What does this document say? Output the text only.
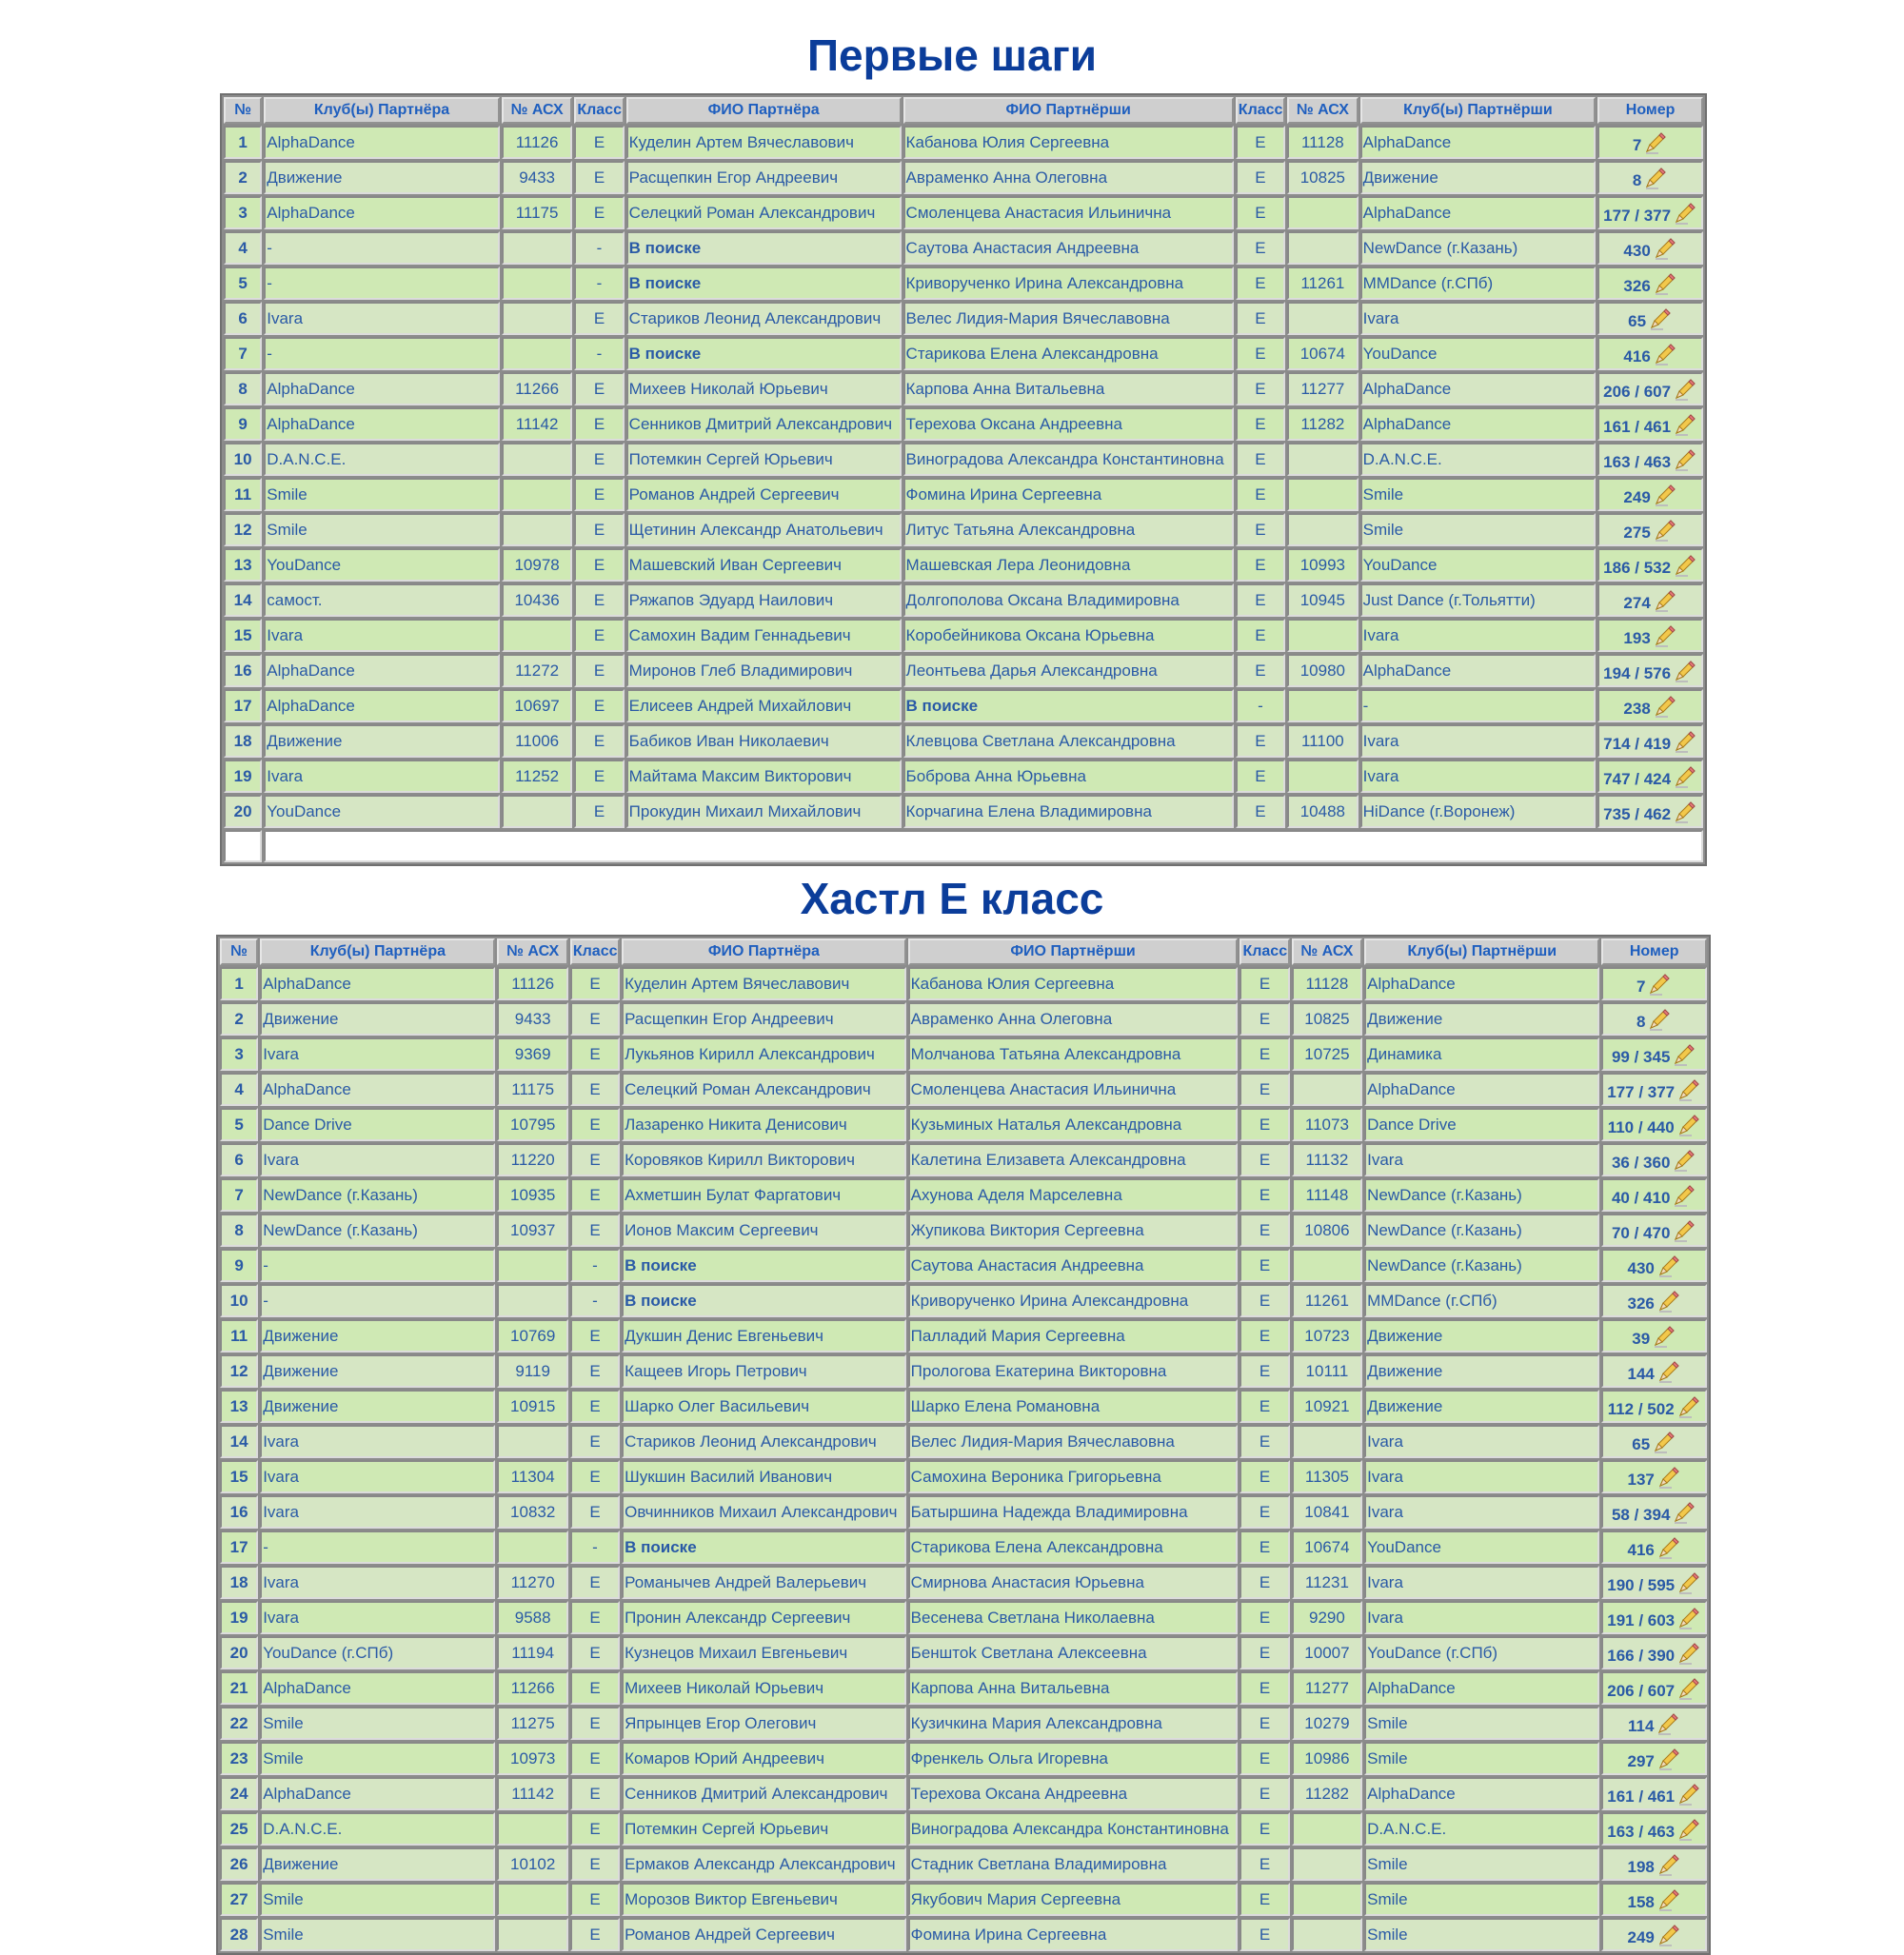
Первые шаги
№	Клуб(ы) Партнёра	№ АСХ	Класс	ФИО Партнёра	ФИО Партнёрши	Класс	№ АСХ	Клуб(ы) Партнёрши	Номер
1	AlphaDance	11126	E	Куделин Артем Вячеславович	Кабанова Юлия Сергеевна	E	11128	AlphaDance	7

2	Движение	9433	E	Расщепкин Егор Андреевич	Авраменко Анна Олеговна	E	10825	Движение	8

3	AlphaDance	11175	E	Селецкий Роман Александрович	Смоленцева Анастасия Ильинична	E		AlphaDance	177 / 377

4	-		-	В поиске	Саутова Анастасия Андреевна	E		NewDance (г.Казань)	430

5	-		-	В поиске	Криворученко Ирина Александровна	E	11261	MMDance (г.СПб)	326

6	Ivara		E	Стариков Леонид Александрович	Велес Лидия-Мария Вячеславовна	E		Ivara	65

7	-		-	В поиске	Старикова Елена Александровна	E	10674	YouDance	416

8	AlphaDance	11266	E	Михеев Николай Юрьевич	Карпова Анна Витальевна	E	11277	AlphaDance	206 / 607

9	AlphaDance	11142	E	Сенников Дмитрий Александрович	Терехова Оксана Андреевна	E	11282	AlphaDance	161 / 461

10	D.A.N.C.E.		E	Потемкин Сергей Юрьевич	Виноградова Александра Константиновна	E		D.A.N.C.E.	163 / 463

11	Smile		E	Романов Андрей Сергеевич	Фомина Ирина Сергеевна	E		Smile	249

12	Smile		E	Щетинин Александр Анатольевич	Литус Татьяна Александровна	E		Smile	275

13	YouDance	10978	E	Машевский Иван Сергеевич	Машевская Лера Леонидовна	E	10993	YouDance	186 / 532

14	самост.	10436	E	Ряжапов Эдуард Наилович	Долгополова Оксана Владимировна	E	10945	Just Dance (г.Тольятти)	274

15	Ivara		E	Самохин Вадим Геннадьевич	Коробейникова Оксана Юрьевна	E		Ivara	193

16	AlphaDance	11272	E	Миронов Глеб Владимирович	Леонтьева Дарья Александровна	E	10980	AlphaDance	194 / 576

17	AlphaDance	10697	E	Елисеев Андрей Михайлович	В поиске	-		-	238

18	Движение	11006	E	Бабиков Иван Николаевич	Клевцова Светлана Александровна	E	11100	Ivara	714 / 419

19	Ivara	11252	E	Майтама Максим Викторович	Боброва Анна Юрьевна	E		Ivara	747 / 424

20	YouDance		E	Прокудин Михаил Михайлович	Корчагина Елена Владимировна	E	10488	HiDance (г.Воронеж)	735 / 462

Хастл Е класс
№	Клуб(ы) Партнёра	№ АСХ	Класс	ФИО Партнёра	ФИО Партнёрши	Класс	№ АСХ	Клуб(ы) Партнёрши	Номер
1	AlphaDance	11126	E	Куделин Артем Вячеславович	Кабанова Юлия Сергеевна	E	11128	AlphaDance	7

2	Движение	9433	E	Расщепкин Егор Андреевич	Авраменко Анна Олеговна	E	10825	Движение	8

3	Ivara	9369	E	Лукьянов Кирилл Александрович	Молчанова Татьяна Александровна	E	10725	Динамика	99 / 345

4	AlphaDance	11175	E	Селецкий Роман Александрович	Смоленцева Анастасия Ильинична	E		AlphaDance	177 / 377

5	Dance Drive	10795	E	Лазаренко Никита Денисович	Кузьминых Наталья Александровна	E	11073	Dance Drive	110 / 440

6	Ivara	11220	E	Коровяков Кирилл Викторович	Калетина Елизавета Александровна	E	11132	Ivara	36 / 360

7	NewDance (г.Казань)	10935	E	Ахметшин Булат Фаргатович	Ахунова Аделя Марселевна	E	11148	NewDance (г.Казань)	40 / 410

8	NewDance (г.Казань)	10937	E	Ионов Максим Сергеевич	Жупикова Виктория Сергеевна	E	10806	NewDance (г.Казань)	70 / 470

9	-		-	В поиске	Саутова Анастасия Андреевна	E		NewDance (г.Казань)	430

10	-		-	В поиске	Криворученко Ирина Александровна	E	11261	MMDance (г.СПб)	326

11	Движение	10769	E	Дукшин Денис Евгеньевич	Палладий Мария Сергеевна	E	10723	Движение	39

12	Движение	9119	E	Кащеев Игорь Петрович	Прологова Екатерина Викторовна	E	10111	Движение	144

13	Движение	10915	E	Шарко Олег Васильевич	Шарко Елена Романовна	E	10921	Движение	112 / 502

14	Ivara		E	Стариков Леонид Александрович	Велес Лидия-Мария Вячеславовна	E		Ivara	65

15	Ivara	11304	E	Шукшин Василий Иванович	Самохина Вероника Григорьевна	E	11305	Ivara	137

16	Ivara	10832	E	Овчинников Михаил Александрович	Батыршина Надежда Владимировна	E	10841	Ivara	58 / 394

17	-		-	В поиске	Старикова Елена Александровна	E	10674	YouDance	416

18	Ivara	11270	E	Романычев Андрей Валерьевич	Смирнова Анастасия Юрьевна	E	11231	Ivara	190 / 595

19	Ivara	9588	E	Пронин Александр Сергеевич	Весенева Светлана Николаевна	E	9290	Ivara	191 / 603

20	YouDance (г.СПб)	11194	E	Кузнецов Михаил Евгеньевич	Бенштоk Светлана Алексеевна	E	10007	YouDance (г.СПб)	166 / 390

21	AlphaDance	11266	E	Михеев Николай Юрьевич	Карпова Анна Витальевна	E	11277	AlphaDance	206 / 607

22	Smile	11275	E	Япрынцев Егор Олегович	Кузичкина Мария Александровна	E	10279	Smile	114

23	Smile	10973	E	Комаров Юрий Андреевич	Френкель Ольга Игоревна	E	10986	Smile	297

24	AlphaDance	11142	E	Сенников Дмитрий Александрович	Терехова Оксана Андреевна	E	11282	AlphaDance	161 / 461

25	D.A.N.C.E.		E	Потемкин Сергей Юрьевич	Виноградова Александра Константиновна	E		D.A.N.C.E.	163 / 463

26	Движение	10102	E	Ермаков Александр Александрович	Стадник Светлана Владимировна	E		Smile	198

27	Smile		E	Морозов Виктор Евгеньевич	Якубович Мария Сергеевна	E		Smile	158

28	Smile		E	Романов Андрей Сергеевич	Фомина Ирина Сергеевна	E		Smile	249
